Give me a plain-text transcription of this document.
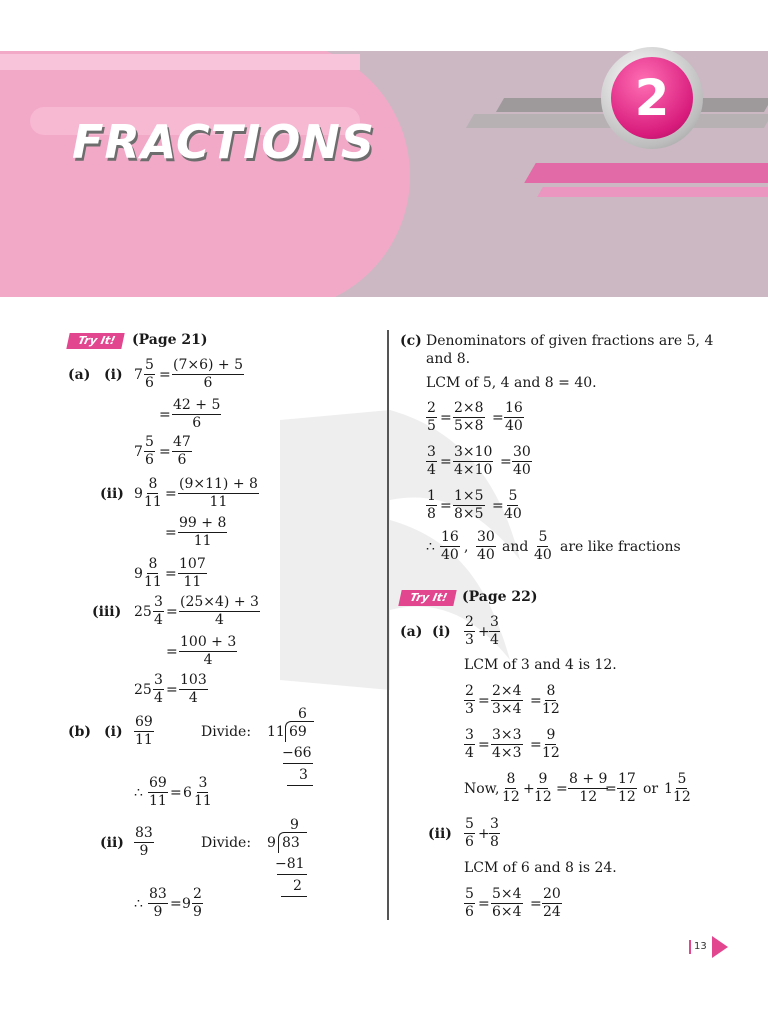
FRACTIONS
2
Try It!	(Page 21)
(a) (i) $7 \frac{5}{6} = \frac{(7\times 6) + 5}{6}$
= $\frac{42 + 5}{6}$
$7 \frac{5}{6} = \frac{47}{6}$
(ii) $9 \frac{8}{11} = \frac{(9\times 11) + 8}{11}$
= $\frac{99 + 8}{11}$
$9 \frac{8}{11} = \frac{107}{11}$
(iii) $25 \frac{3}{4} = \frac{(25\times 4) + 3}{4}$
= $\frac{100 + 3}{4}$
$25 \frac{3}{4} = \frac{103}{4}$
(b) $(i) \frac{69}{11}$	Divide:
6
11 69
−66
3
∴ $\frac{69}{11} = 6 \frac{3}{11}$
$(ii) \frac{83}{9}$	Divide:
9
9 83
−81
2
∴ $\frac{83}{9} = 9 \frac{2}{9}$
(c) Denominators of given fractions are 5, 4
and 8.
LCM of 5, 4 and 8 = 40.
$\frac{2}{5} = \frac{2\times 8}{5\times 8} = \frac{16}{40}$
$\frac{3}{4} = \frac{3\times 10}{4\times 10} = \frac{30}{40}$
$\frac{1}{8} = \frac{1\times 5}{8\times 5} = \frac{5}{40}$
∴ $\frac{16}{40}$ , $\frac{30}{40}$ and $\frac{5}{40}$ are like fractions
Try It! (Page 22)
(a) $(i) \frac{2}{3} + \frac{3}{4}$
LCM of 3 and 4 is 12.
$\frac{2}{3} = \frac{2\times 4}{3\times 4} = \frac{8}{12}$
$\frac{3}{4} = \frac{3\times 3}{4\times 3} = \frac{9}{12}$
Now, $\frac{8}{12} + \frac{9}{12} = \frac{8 + 9}{12}$
= $\frac{17}{12}$ or $1 \frac{5}{12}$
$(ii) \frac{5}{6} + \frac{3}{8}$
LCM of 6 and 8 is 24.
$\frac{5}{6} = \frac{5\times 4}{6\times 4} = \frac{20}{24}$
13
